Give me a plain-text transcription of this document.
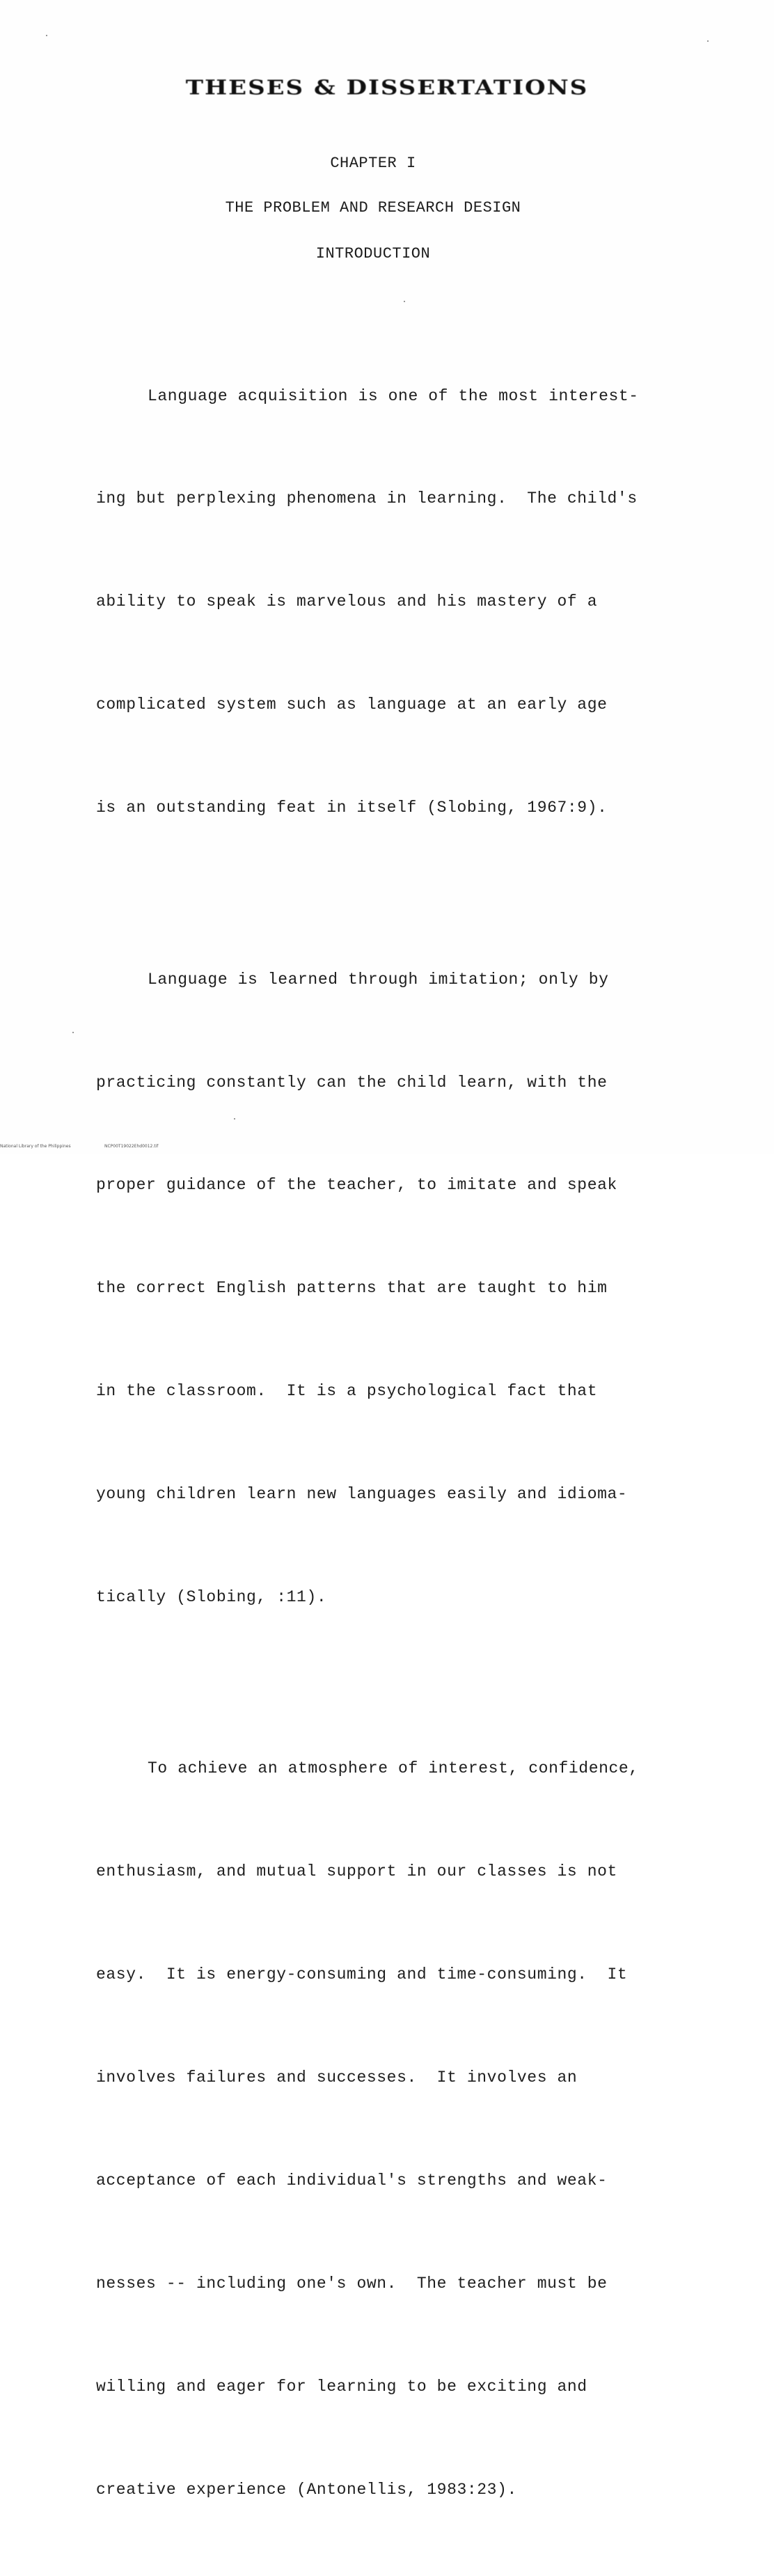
THESES & DISSERTATIONS
CHAPTER I
THE PROBLEM AND RESEARCH DESIGN
INTRODUCTION

Language acquisition is one of the most interest-

ing but perplexing phenomena in learning.  The child's

ability to speak is marvelous and his mastery of a

complicated system such as language at an early age

is an outstanding feat in itself (Slobing, 1967:9).

Language is learned through imitation; only by

practicing constantly can the child learn, with the

proper guidance of the teacher, to imitate and speak

the correct English patterns that are taught to him

in the classroom.  It is a psychological fact that

young children learn new languages easily and idioma-

tically (Slobing, :11).

To achieve an atmosphere of interest, confidence,

enthusiasm, and mutual support in our classes is not

easy.  It is energy-consuming and time-consuming.  It

involves failures and successes.  It involves an

acceptance of each individual's strengths and weak-

nesses -- including one's own.  The teacher must be

willing and eager for learning to be exciting and

creative experience (Antonellis, 1983:23).

National Library of the Philippines	NCP00T19022Ehd0012.tif
